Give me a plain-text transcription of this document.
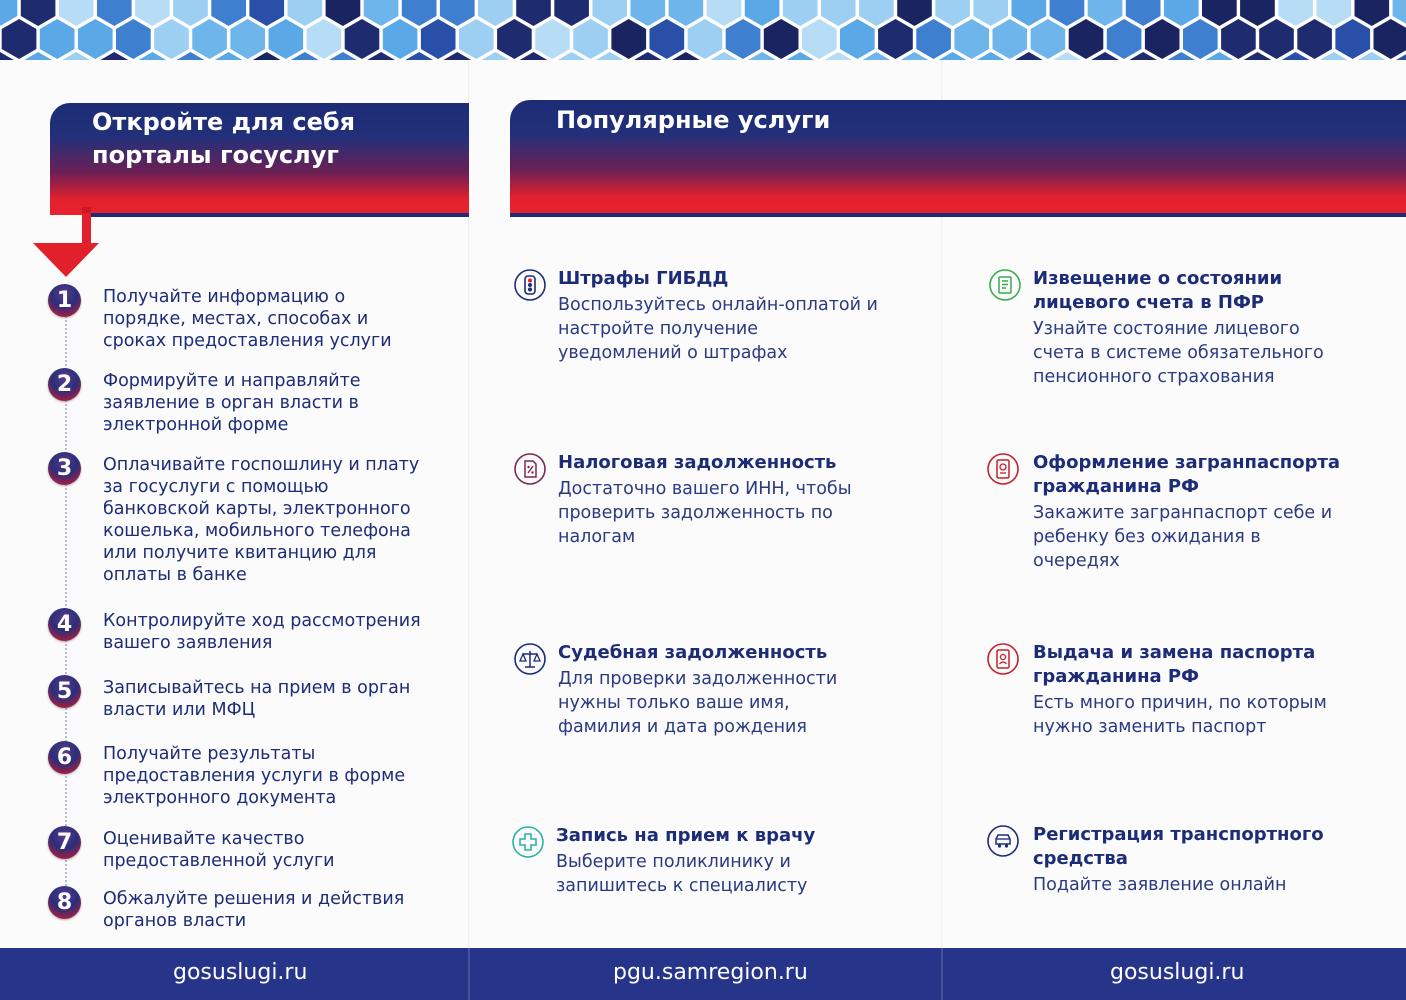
Откройте для себя порталы госуслуг
Популярные услуги
1	Получайте информацию о порядке, местах, способах и сроках предоставления услуги
2	Формируйте и направляйте заявление в орган власти в электронной форме
3	Оплачивайте госпошлину и плату за госуслуги с помощью банковской карты, электронного кошелька, мобильного телефона или получите квитанцию для оплаты в банке
4	Контролируйте ход рассмотрения вашего заявления
5	Записывайтесь на прием в орган власти или МФЦ
6	Получайте результаты предоставления услуги в форме электронного документа
7	Оценивайте качество предоставленной услуги
8	Обжалуйте решения и действия органов власти
Штрафы ГИБДД
Воспользуйтесь онлайн-оплатой и настройте получение уведомлений о штрафах
Налоговая задолженность
Достаточно вашего ИНН, чтобы проверить задолженность по налогам
Судебная задолженность
Для проверки задолженности нужны только ваше имя, фамилия и дата рождения
Запись на прием к врачу
Выберите поликлинику и запишитесь к специалисту
Извещение о состоянии лицевого счета в ПФР
Узнайте состояние лицевого счета в системе обязательного пенсионного страхования
Оформление загранпаспорта гражданина РФ
Закажите загранпаспорт себе и ребенку без ожидания в очередях
Выдача и замена паспорта гражданина РФ
Есть много причин, по которым нужно заменить паспорт
Регистрация транспортного средства
Подайте заявление онлайн
gosuslugi.ru	pgu.samregion.ru	gosuslugi.ru
